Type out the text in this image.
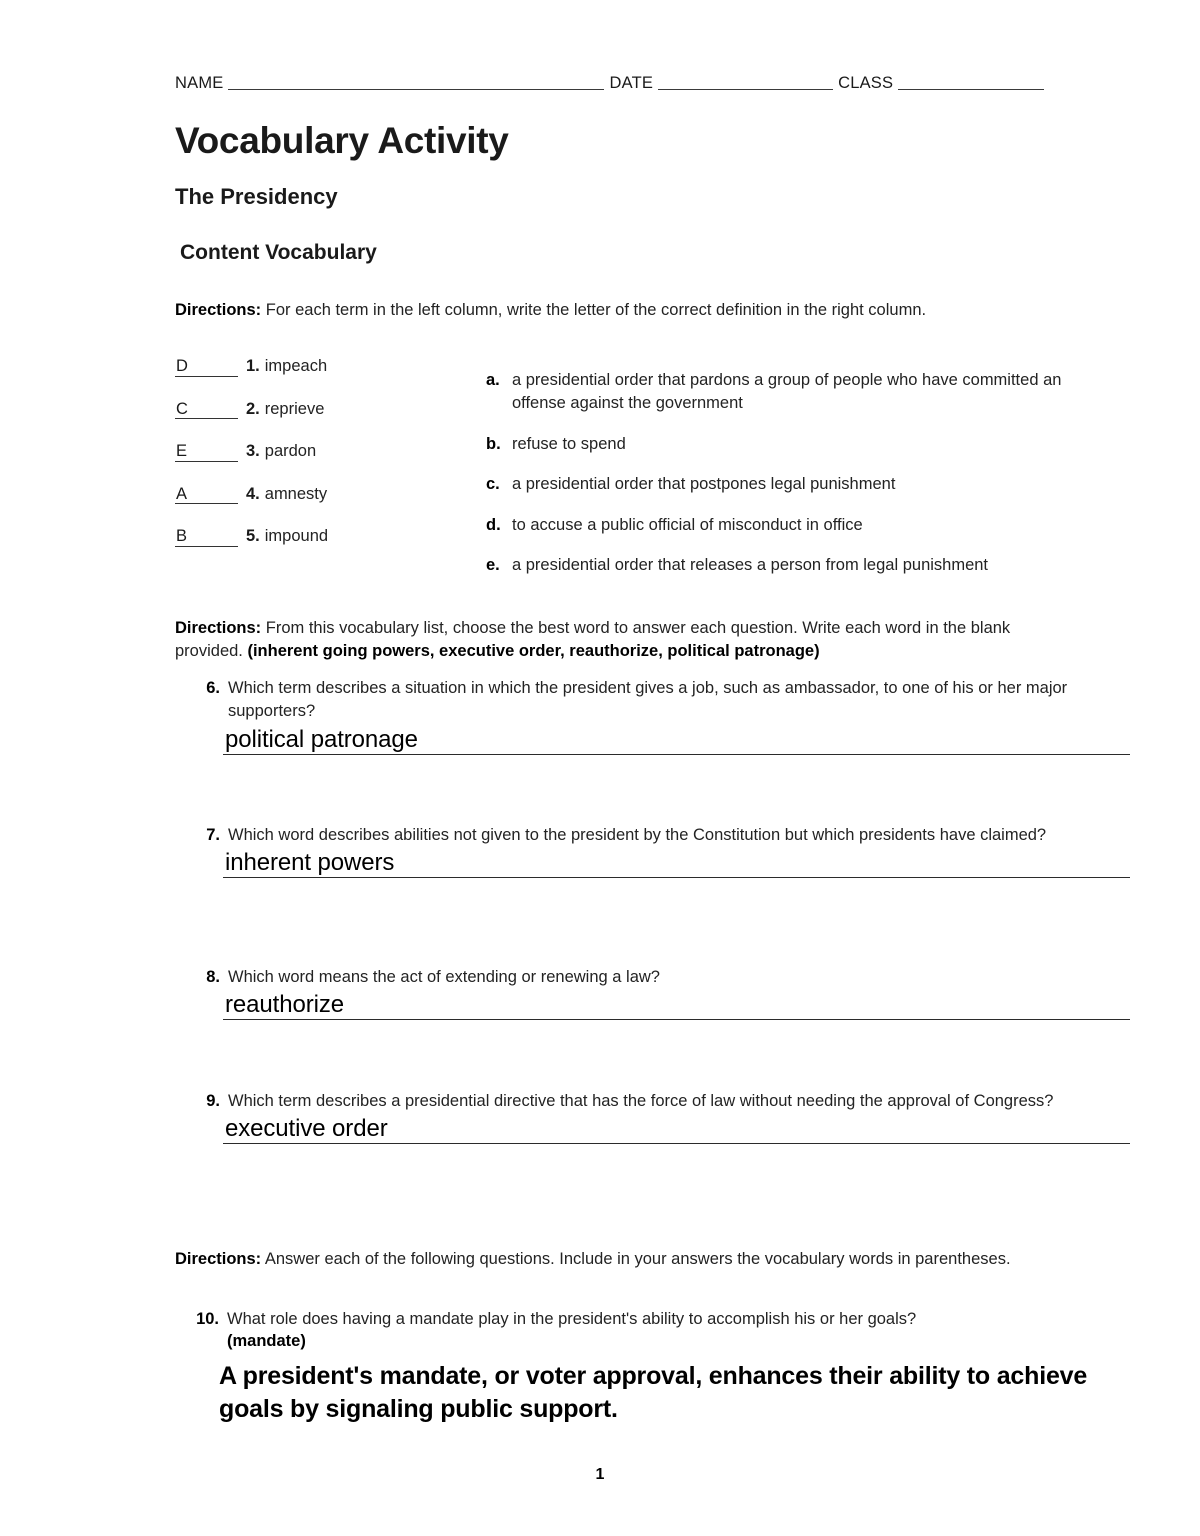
NAME	DATE	CLASS
Vocabulary Activity
The Presidency
Content Vocabulary
Directions: For each term in the left column, write the letter of the correct definition in the right column.
D	1. impeach
C	2. reprieve
E	3. pardon
A	4. amnesty
B	5. impound
a. a presidential order that pardons a group of people who have committed an offense against the government
b. refuse to spend
c. a presidential order that postpones legal punishment
d. to accuse a public official of misconduct in office
e. a presidential order that releases a person from legal punishment
Directions: From this vocabulary list, choose the best word to answer each question. Write each word in the blank provided. (inherent going powers, executive order, reauthorize, political patronage)
6. Which term describes a situation in which the president gives a job, such as ambassador, to one of his or her major supporters?
political patronage
7. Which word describes abilities not given to the president by the Constitution but which presidents have claimed?
inherent powers
8. Which word means the act of extending or renewing a law?
reauthorize
9. Which term describes a presidential directive that has the force of law without needing the approval of Congress?
executive order
Directions: Answer each of the following questions. Include in your answers the vocabulary words in parentheses.
10. What role does having a mandate play in the president's ability to accomplish his or her goals?
(mandate)
A president's mandate, or voter approval, enhances their ability to achieve goals by signaling public support.
1
